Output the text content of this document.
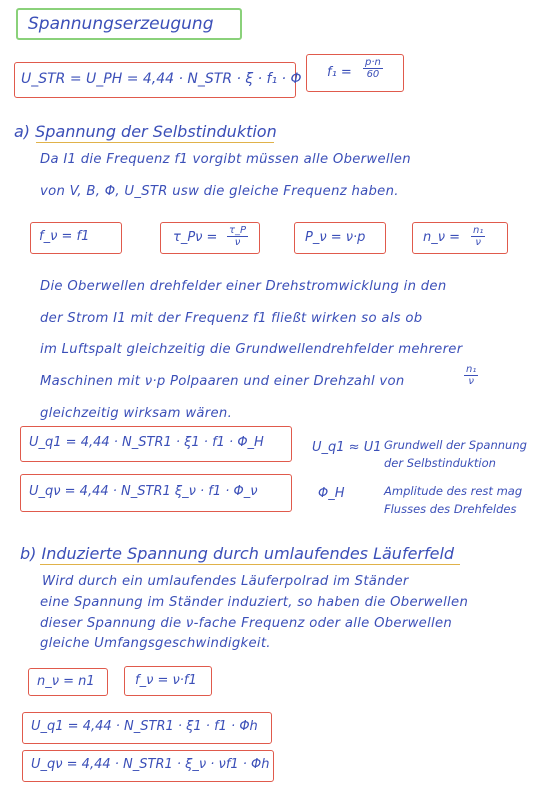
Spannungserzeugung
U_STR = U_PH = 4,44 · N_STR · ξ · f₁ · Φ $f_1 = \frac{p\cdot n}{60}$
a) Spannung der Selbstinduktion
Da I1 die Frequenz f1 vorgibt müssen alle Oberwellen
von V, B, Φ, U_STR usw die gleiche Frequenz haben.
f_ν = f1	τ_Pν = $\frac{\tau\_P}{\nu}$	P_ν = ν·p	n_ν = $\frac{\text{n₁}}{\nu}$
Die Oberwellen drehfelder einer Drehstromwicklung in den
der Strom I1 mit der Frequenz f1 fließt wirken so als ob
im Luftspalt gleichzeitig die Grundwellendrehfelder mehrerer
Maschinen mit ν·p Polpaaren und einer Drehzahl von	$\frac{\text{n₁}}{\nu}$
gleichzeitig wirksam wären.
U_q1 = 4,44 · N_STR1 · ξ1 · f1 · Φ_H	U_q1 ≈ U1 Grundwell der Spannung
der Selbstinduktion
U_qν = 4,44 · N_STR1 ξ_ν · f1 · Φ_ν	Φ_H	Amplitude des rest mag
Flusses des Drehfeldes
b) Induzierte Spannung durch umlaufendes Läuferfeld
Wird durch ein umlaufendes Läuferpolrad im Ständer
eine Spannung im Ständer induziert, so haben die Oberwellen
dieser Spannung die ν-fache Frequenz oder alle Oberwellen
gleiche Umfangsgeschwindigkeit.
n_ν = n1	f_ν = ν·f1
U_q1 = 4,44 · N_STR1 · ξ1 · f1 · Φh
U_qν = 4,44 · N_STR1 · ξ_ν · νf1 · Φh
